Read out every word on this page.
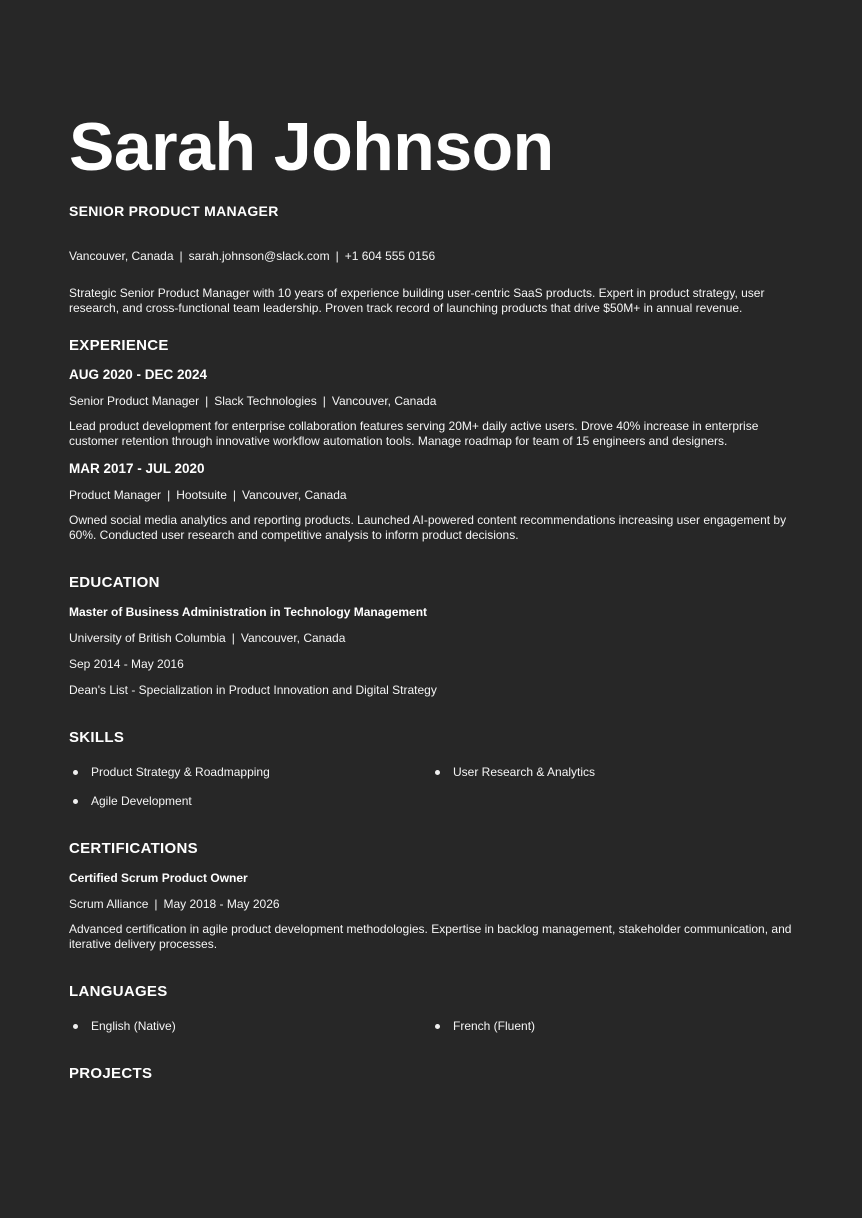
Sarah Johnson
SENIOR PRODUCT MANAGER
Vancouver, Canada | sarah.johnson@slack.com | +1 604 555 0156

Strategic Senior Product Manager with 10 years of experience building user-centric SaaS products. Expert in product strategy, user research, and cross-functional team leadership. Proven track record of launching products that drive $50M+ in annual revenue.

EXPERIENCE
AUG 2020 - DEC 2024
Senior Product Manager | Slack Technologies | Vancouver, Canada

Lead product development for enterprise collaboration features serving 20M+ daily active users. Drove 40% increase in enterprise customer retention through innovative workflow automation tools. Manage roadmap for team of 15 engineers and designers.

MAR 2017 - JUL 2020
Product Manager | Hootsuite | Vancouver, Canada

Owned social media analytics and reporting products. Launched AI-powered content recommendations increasing user engagement by 60%. Conducted user research and competitive analysis to inform product decisions.

EDUCATION
Master of Business Administration in Technology Management
University of British Columbia | Vancouver, Canada
Sep 2014 - May 2016
Dean's List - Specialization in Product Innovation and Digital Strategy
SKILLS
Product Strategy & Roadmapping	User Research & Analytics
Agile Development
CERTIFICATIONS
Certified Scrum Product Owner
Scrum Alliance | May 2018 - May 2026

Advanced certification in agile product development methodologies. Expertise in backlog management, stakeholder communication, and iterative delivery processes.

LANGUAGES
English (Native)	French (Fluent)
PROJECTS
